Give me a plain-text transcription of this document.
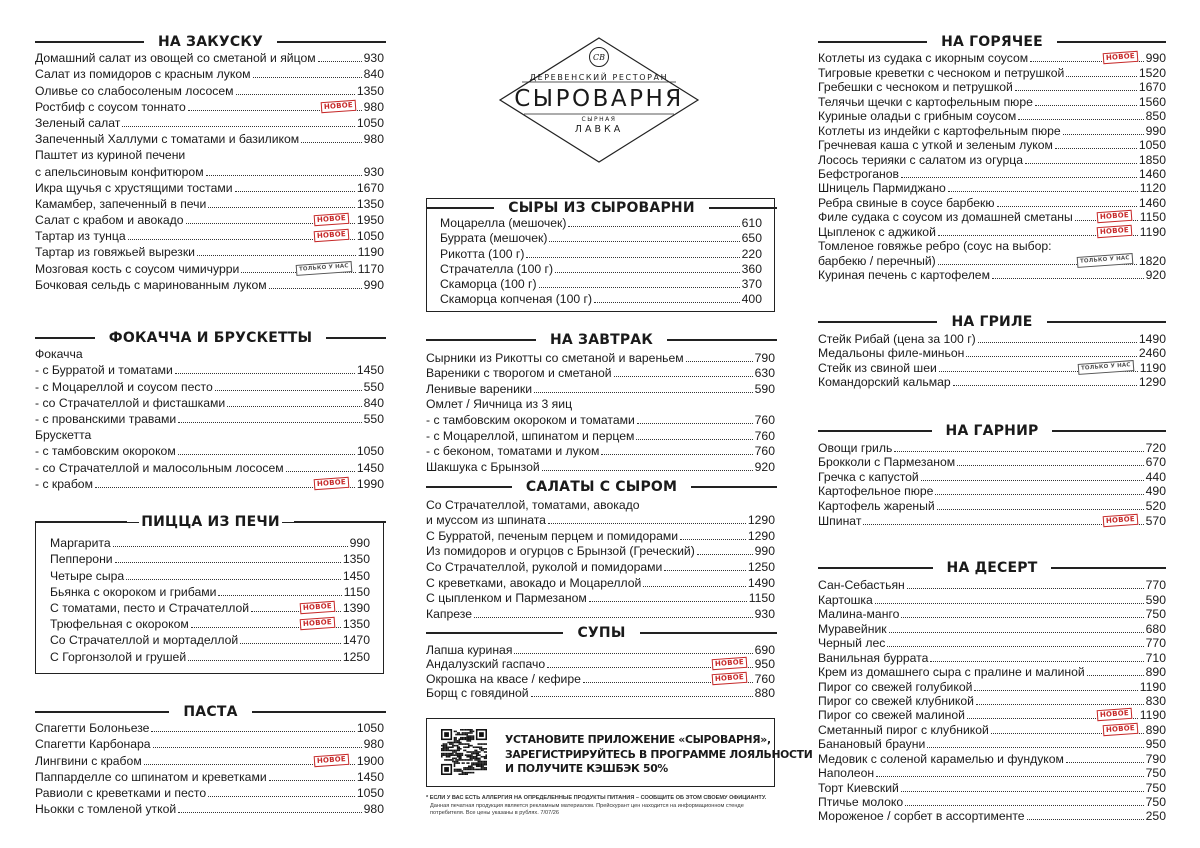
CB
ДЕРЕВЕНСКИЙ РЕСТОРАН
СЫРОВАРНЯ
СЫРНАЯ
ЛАВКА
НА ЗАКУСКУ
Домашний салат из овощей со сметаной и яйцом	930
Салат из помидоров с красным луком	840
Оливье со слабосоленым лососем	1350
Ростбиф с соусом тоннато	НОВОЕ 980
Зеленый салат	1050
Запеченный Халлуми с томатами и базиликом	980
Паштет из куриной печени
с апельсиновым конфитюром	930
Икра щучья с хрустящими тостами	1670
Камамбер, запеченный в печи	1350
Салат с крабом и авокадо	НОВОЕ 1950
Тартар из тунца	НОВОЕ 1050
Тартар из говяжьей вырезки	1190
Мозговая кость с соусом чимичурри	ТОЛЬКО У НАС 1170
Бочковая сельдь с маринованным луком	990
ФОКАЧЧА И БРУСКЕТТЫ
Фокачча
- с Бурратой и томатами	1450
- с Моцареллой и соусом песто	550
- со Страчателлой и фисташками	840
- с прованскими травами	550
Брускетта
- с тамбовским окороком	1050
- со Страчателлой и малосольным лососем	1450
- с крабом	НОВОЕ 1990
ПИЦЦА ИЗ ПЕЧИ
Маргарита	990
Пепперони	1350
Четыре сыра	1450
Бьянка с окороком и грибами	1150
С томатами, песто и Страчателлой	НОВОЕ 1390
Трюфельная с окороком	НОВОЕ 1350
Со Страчателлой и мортаделлой	1470
С Горгонзолой и грушей	1250
ПАСТА
Спагетти Болоньезе	1050
Спагетти Карбонара	980
Лингвини с крабом	НОВОЕ 1900
Паппарделле со шпинатом и креветками	1450
Равиоли с креветками и песто	1050
Ньокки с томленой уткой	980
СЫРЫ ИЗ СЫРОВАРНИ
Моцарелла (мешочек)	610
Буррата (мешочек)	650
Рикотта (100 г)	220
Страчателла (100 г)	360
Скаморца (100 г)	370
Скаморца копченая (100 г)	400
НА ЗАВТРАК
Сырники из Рикотты со сметаной и вареньем	790
Вареники с творогом и сметаной	630
Ленивые вареники	590
Омлет / Яичница из 3 яиц
- с тамбовским окороком и томатами	760
- с Моцареллой, шпинатом и перцем	760
- с беконом, томатами и луком	760
Шакшука с Брынзой	920
САЛАТЫ С СЫРОМ
Со Страчателлой, томатами, авокадо
и муссом из шпината	1290
С Бурратой, печеным перцем и помидорами	1290
Из помидоров и огурцов с Брынзой (Греческий)	990
Со Страчателлой, руколой и помидорами	1250
С креветками, авокадо и Моцареллой	1490
С цыпленком и Пармезаном	1150
Капрезе	930
СУПЫ
Лапша куриная	690
Андалузский гаспачо	НОВОЕ 950
Окрошка на квасе / кефире	НОВОЕ 760
Борщ с говядиной	880
НА ГОРЯЧЕЕ
Котлеты из судака с икорным соусом	НОВОЕ 990
Тигровые креветки с чесноком и петрушкой	1520
Гребешки с чесноком и петрушкой	1670
Телячьи щечки с картофельным пюре	1560
Куриные оладьи с грибным соусом	850
Котлеты из индейки с картофельным пюре	990
Гречневая каша с уткой и зеленым луком	1050
Лосось терияки с салатом из огурца	1850
Бефстроганов	1460
Шницель Пармиджано	1120
Ребра свиные в соусе барбекю	1460
Филе судака с соусом из домашней сметаны	НОВОЕ 1150
Цыпленок с аджикой	НОВОЕ 1190
Томленое говяжье ребро (соус на выбор:
барбекю / перечный)	ТОЛЬКО У НАС 1820
Куриная печень с картофелем	920
НА ГРИЛЕ
Стейк Рибай (цена за 100 г)	1490
Медальоны филе-миньон	2460
Стейк из свиной шеи	ТОЛЬКО У НАС 1190
Командорский кальмар	1290
НА ГАРНИР
Овощи гриль	720
Брокколи с Пармезаном	670
Гречка с капустой	440
Картофельное пюре	490
Картофель жареный	520
Шпинат	НОВОЕ 570
НА ДЕСЕРТ
Сан-Себастьян	770
Картошка	590
Малина-манго	750
Муравейник	680
Черный лес	770
Ванильная буррата	710
Крем из домашнего сыра с пралине и малиной	890
Пирог со свежей голубикой	1190
Пирог со свежей клубникой	830
Пирог со свежей малиной	НОВОЕ 1190
Сметанный пирог с клубникой	НОВОЕ 890
Банановый брауни	950
Медовик с соленой карамелью и фундуком	790
Наполеон	750
Торт Киевский	750
Птичье молоко	750
Мороженое / сорбет в ассортименте	250
УСТАНОВИТЕ ПРИЛОЖЕНИЕ «СЫРОВАРНЯ»,
ЗАРЕГИСТРИРУЙТЕСЬ В ПРОГРАММЕ ЛОЯЛЬНОСТИ
И ПОЛУЧИТЕ КЭШБЭК 50%
* ЕСЛИ У ВАС ЕСТЬ АЛЛЕРГИЯ НА ОПРЕДЕЛЕННЫЕ ПРОДУКТЫ ПИТАНИЯ – СООБЩИТЕ ОБ ЭТОМ СВОЕМУ ОФИЦИАНТУ.
Данная печатная продукция является рекламным материалом. Прейскурант цен находится на информационном стенде
потребителя. Все цены указаны в рублях. 7/07/26
